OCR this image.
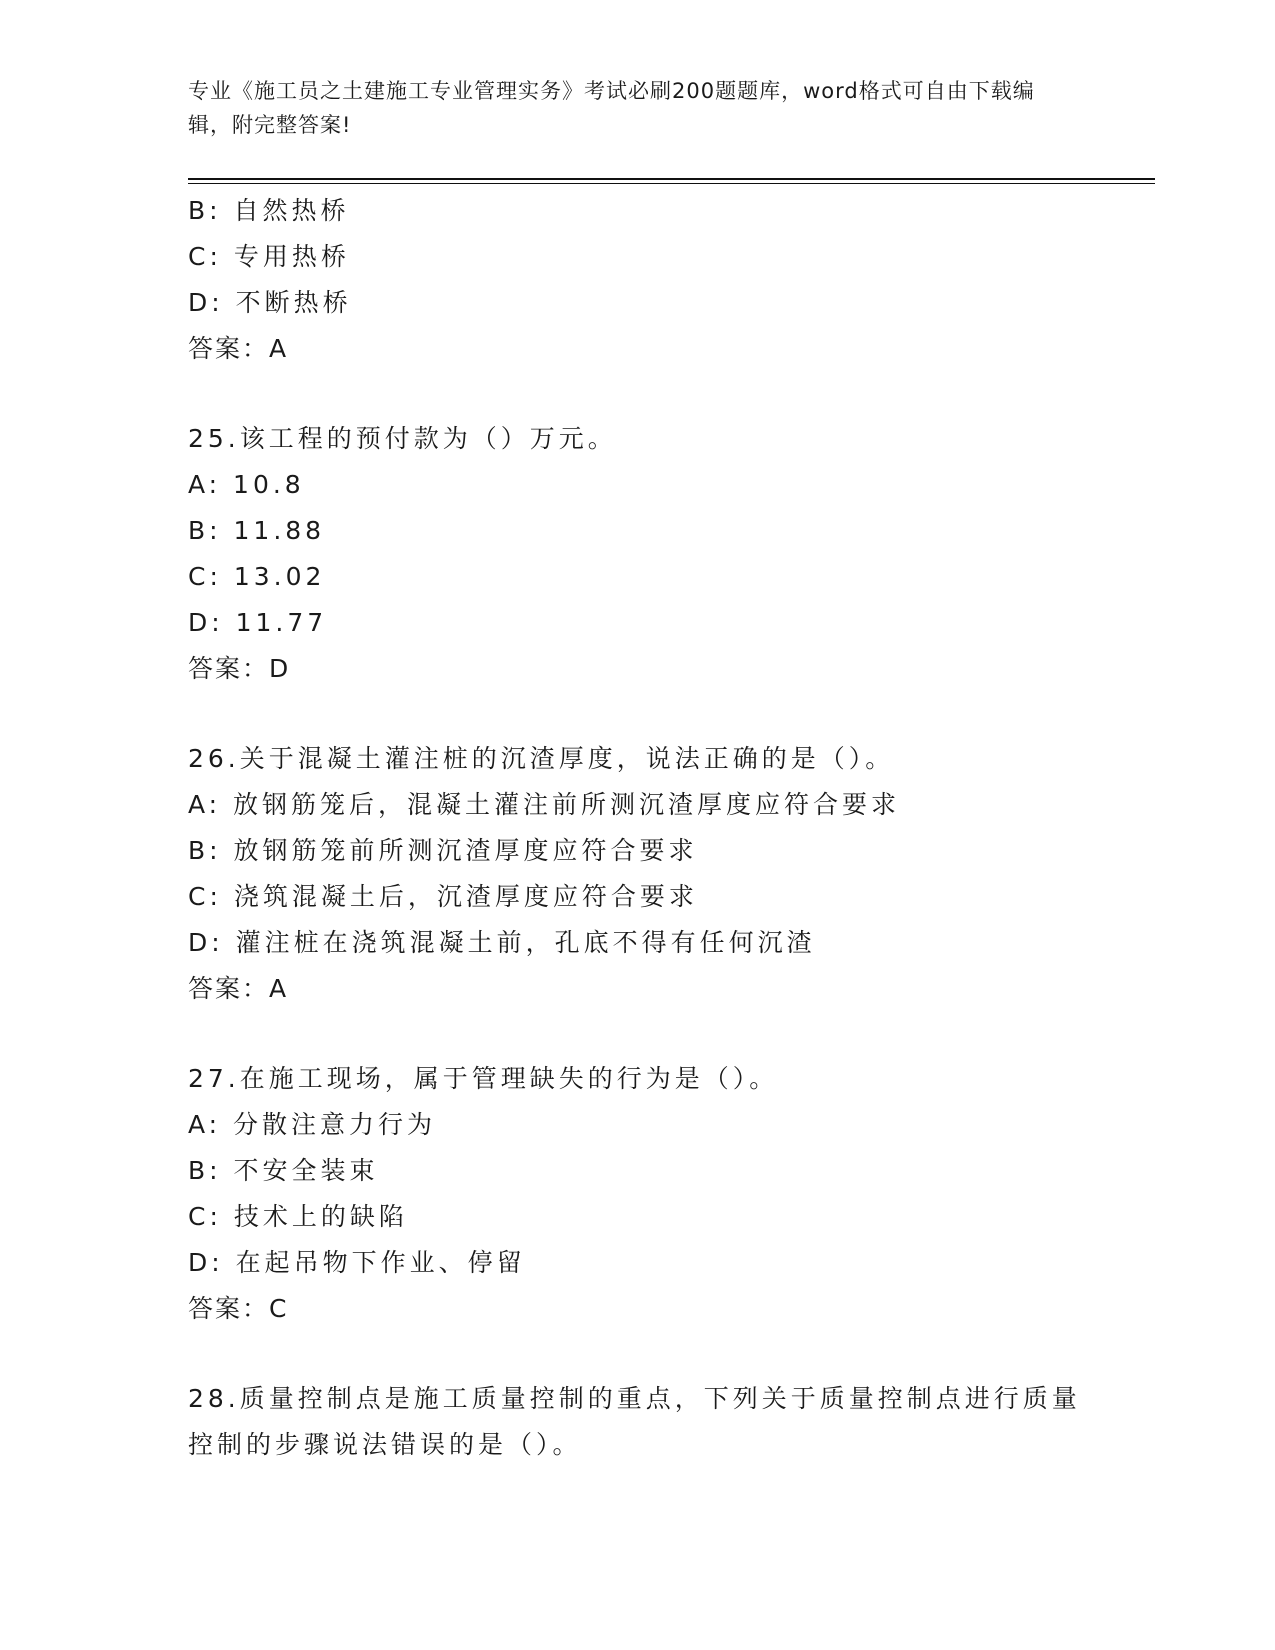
专业《施工员之土建施工专业管理实务》考试必刷200题题库，word格式可自由下载编辑，附完整答案!
B: 自然热桥
C: 专用热桥
D: 不断热桥
答案：A
25.该工程的预付款为（）万元。
A: 10.8
B: 11.88
C: 13.02
D: 11.77
答案：D
26.关于混凝土灌注桩的沉渣厚度，说法正确的是（）。
A: 放钢筋笼后，混凝土灌注前所测沉渣厚度应符合要求
B: 放钢筋笼前所测沉渣厚度应符合要求
C: 浇筑混凝土后，沉渣厚度应符合要求
D: 灌注桩在浇筑混凝土前，孔底不得有任何沉渣
答案：A
27.在施工现场，属于管理缺失的行为是（）。
A: 分散注意力行为
B: 不安全装束
C: 技术上的缺陷
D: 在起吊物下作业、停留
答案：C
28.质量控制点是施工质量控制的重点，下列关于质量控制点进行质量控制的步骤说法错误的是（）。
